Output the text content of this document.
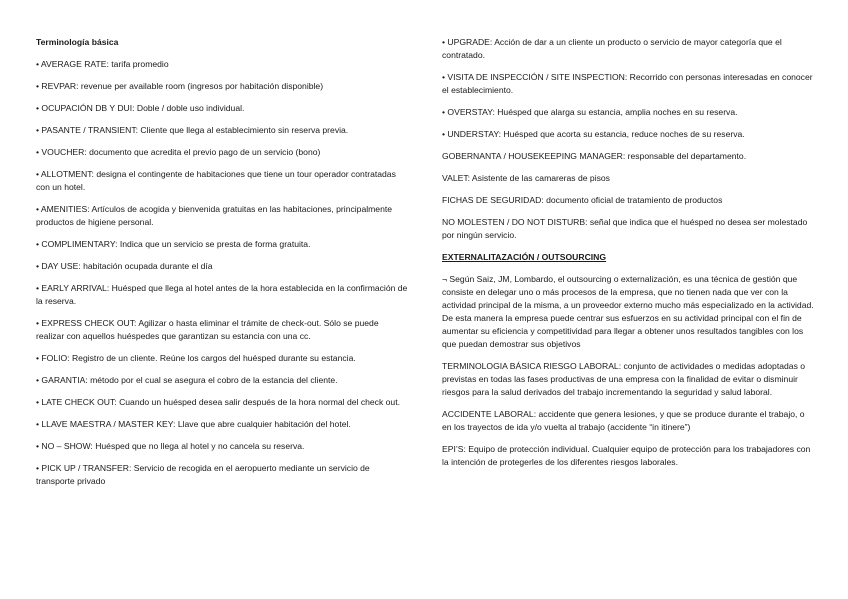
Terminología básica

• AVERAGE RATE: tarifa promedio

• REVPAR: revenue per available room (ingresos por habitación disponible)

• OCUPACIÓN DB Y DUI: Doble / doble uso individual.

• PASANTE / TRANSIENT: Cliente que llega al establecimiento sin reserva previa.

• VOUCHER: documento que acredita el previo pago de un servicio (bono)

• ALLOTMENT: designa el contingente de habitaciones que tiene un tour operador contratadas con un hotel.

• AMENITIES: Artículos de acogida y bienvenida gratuitas en las habitaciones, principalmente productos de higiene personal.

• COMPLIMENTARY: Indica que un servicio se presta de forma gratuita.

• DAY USE: habitación ocupada durante el día

• EARLY ARRIVAL: Huésped que llega al hotel antes de la hora establecida en la confirmación de la reserva.

• EXPRESS CHECK OUT: Agilizar o hasta eliminar el trámite de check-out. Sólo se puede realizar con aquellos huéspedes que garantizan su estancia con una cc.

• FOLIO: Registro de un cliente. Reúne los cargos del huésped durante su estancia.

• GARANTIA: método por el cual se asegura el cobro de la estancia del cliente.

• LATE CHECK OUT: Cuando un huésped desea salir después de la hora normal del check out.

• LLAVE MAESTRA / MASTER KEY: Llave que abre cualquier habitación del hotel.

• NO – SHOW: Huésped que no llega al hotel y no cancela su reserva.

• PICK UP / TRANSFER: Servicio de recogida en el aeropuerto mediante un servicio de transporte privado

• UPGRADE: Acción de dar a un cliente un producto o servicio de mayor categoría que el contratado.

• VISITA DE INSPECCIÓN / SITE INSPECTION: Recorrido con personas interesadas en conocer el establecimiento.

• OVERSTAY: Huésped que alarga su estancia, amplia noches en su reserva.

• UNDERSTAY: Huésped que acorta su estancia, reduce noches de su reserva.

GOBERNANTA / HOUSEKEEPING MANAGER: responsable del departamento.

VALET: Asistente de las camareras de pisos

FICHAS DE SEGURIDAD: documento oficial de tratamiento de productos

NO MOLESTEN / DO NOT DISTURB: señal que indica que el huésped no desea ser molestado por ningún servicio.

EXTERNALITAZACIÓN / OUTSOURCING

¬ Según Saiz, JM, Lombardo, el outsourcing o externalización, es una técnica de gestión que consiste en delegar uno o más procesos de la empresa, que no tienen nada que ver con la actividad principal de la misma, a un proveedor externo mucho más especializado en la actividad. De esta manera la empresa puede centrar sus esfuerzos en su actividad principal con el fin de aumentar su eficiencia y competitividad para llegar a obtener unos resultados tangibles con los que puedan demostrar sus objetivos

TERMINOLOGIA BÁSICA RIESGO LABORAL: conjunto de actividades o medidas adoptadas o previstas en todas las fases productivas de una empresa con la finalidad de evitar o disminuir riesgos para la salud derivados del trabajo incrementando la seguridad y salud laboral.

ACCIDENTE LABORAL: accidente que genera lesiones, y que se produce durante el trabajo, o en los trayectos de ida y/o vuelta al trabajo (accidente “in itinere”)

EPI’S: Equipo de protección individual. Cualquier equipo de protección para los trabajadores con la intención de protegerles de los diferentes riesgos laborales.
